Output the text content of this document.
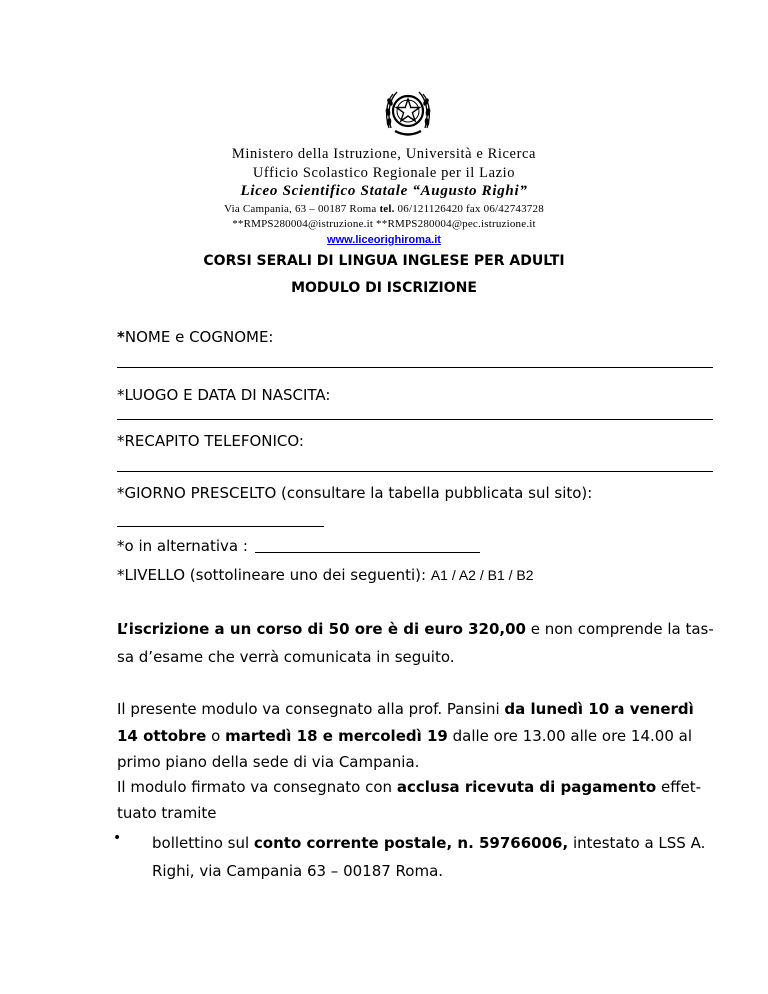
Ministero della Istruzione, Università e Ricerca
Ufficio Scolastico Regionale per il Lazio
Liceo Scientifico Statale “Augusto Righi”
Via Campania, 63 – 00187 Roma tel. 06/121126420 fax 06/42743728
**RMPS280004@istruzione.it **RMPS280004@pec.istruzione.it
www.liceorighiroma.it
CORSI SERALI DI LINGUA INGLESE PER ADULTI
MODULO DI ISCRIZIONE
*NOME e COGNOME:
*LUOGO E DATA DI NASCITA:
*RECAPITO TELEFONICO:
*GIORNO PRESCELTO (consultare la tabella pubblicata sul sito):
*o in alternativa :
*LIVELLO (sottolineare uno dei seguenti): A1 / A2 / B1 / B2
L’iscrizione a un corso di 50 ore è di euro 320,00 e non comprende la tas-
sa d’esame che verrà comunicata in seguito.
Il presente modulo va consegnato alla prof. Pansini da lunedì 10 a venerdì
14 ottobre o martedì 18 e mercoledì 19 dalle ore 13.00 alle ore 14.00 al
primo piano della sede di via Campania.
Il modulo firmato va consegnato con acclusa ricevuta di pagamento effet-
tuato tramite
• bollettino sul conto corrente postale, n. 59766006, intestato a LSS A.
Righi, via Campania 63 – 00187 Roma.
